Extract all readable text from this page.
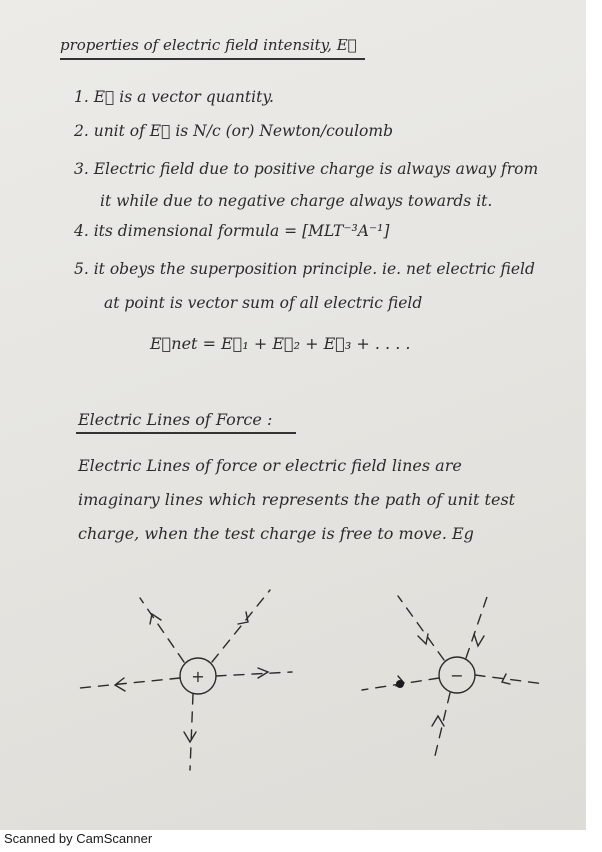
properties of electric field intensity, E⃗

1. E⃗ is a vector quantity.

2. unit of E⃗ is N/c (or) Newton/coulomb

3. Electric field due to positive charge is always away from

it while due to negative charge always towards it.

4. its dimensional formula = [MLT⁻³A⁻¹]

5. it obeys the superposition principle. ie. net electric field

at point is vector sum of all electric field

E⃗net = E⃗₁ + E⃗₂ + E⃗₃ + . . . .

Electric Lines of Force :

Electric Lines of force or electric field lines are

imaginary lines which represents the path of unit test

charge, when the test charge is free to move. Eg

+	−

Scanned by CamScanner
